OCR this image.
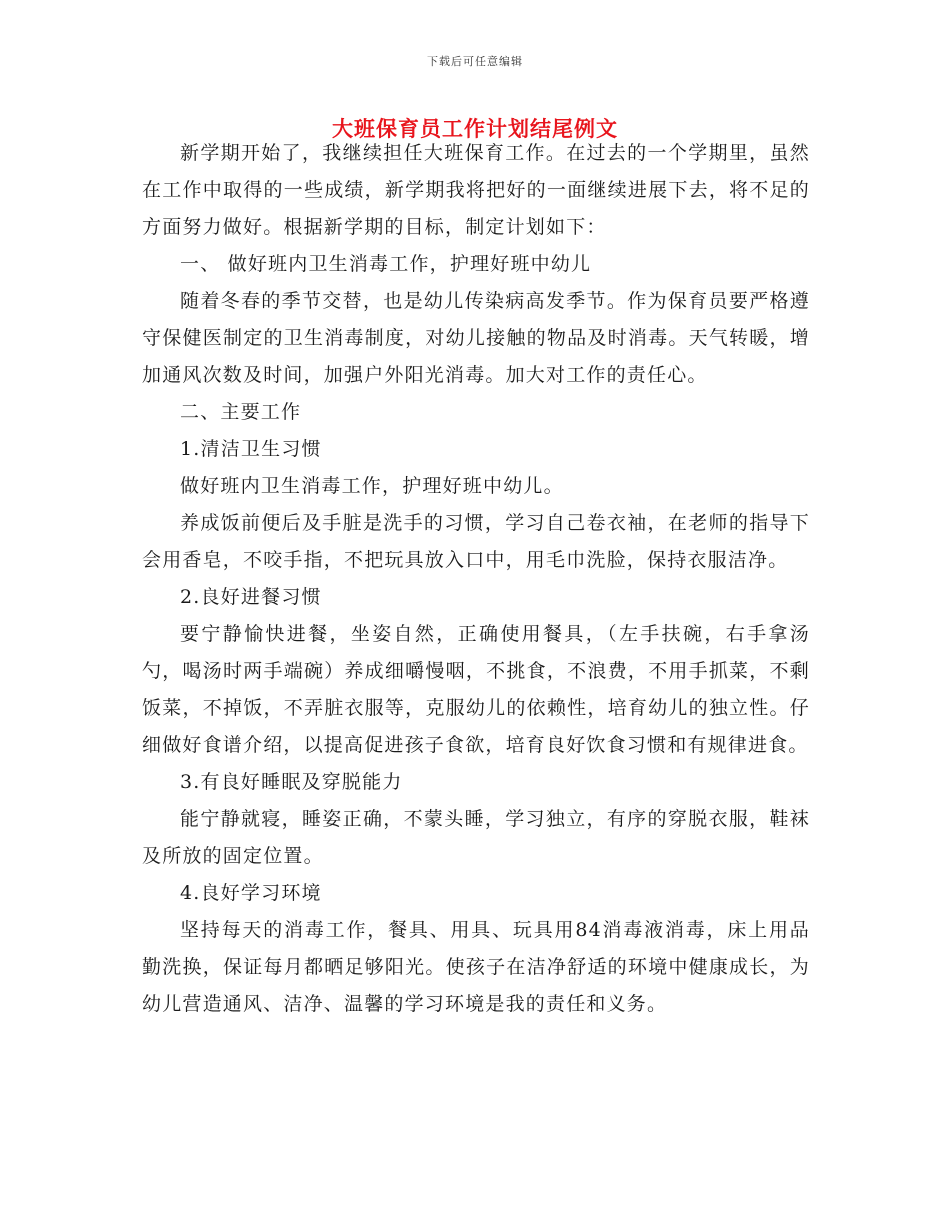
下载后可任意编辑
大班保育员工作计划结尾例文

新学期开始了，我继续担任大班保育工作。在过去的一个学期里，虽然在工作中取得的一些成绩，新学期我将把好的一面继续进展下去，将不足的方面努力做好。根据新学期的目标，制定计划如下：

一、 做好班内卫生消毒工作，护理好班中幼儿

随着冬春的季节交替，也是幼儿传染病高发季节。作为保育员要严格遵守保健医制定的卫生消毒制度，对幼儿接触的物品及时消毒。天气转暖，增加通风次数及时间，加强户外阳光消毒。加大对工作的责任心。

二、主要工作

1.清洁卫生习惯

做好班内卫生消毒工作，护理好班中幼儿。

养成饭前便后及手脏是洗手的习惯，学习自己卷衣袖，在老师的指导下会用香皂，不咬手指，不把玩具放入口中，用毛巾洗脸，保持衣服洁净。

2.良好进餐习惯

要宁静愉快进餐，坐姿自然，正确使用餐具，（左手扶碗，右手拿汤勺，喝汤时两手端碗）养成细嚼慢咽，不挑食，不浪费，不用手抓菜，不剩饭菜，不掉饭，不弄脏衣服等，克服幼儿的依赖性，培育幼儿的独立性。仔细做好食谱介绍，以提高促进孩子食欲，培育良好饮食习惯和有规律进食。

3.有良好睡眠及穿脱能力

能宁静就寝，睡姿正确，不蒙头睡，学习独立，有序的穿脱衣服，鞋袜及所放的固定位置。

4.良好学习环境

坚持每天的消毒工作，餐具、用具、玩具用84消毒液消毒，床上用品勤洗换，保证每月都晒足够阳光。使孩子在洁净舒适的环境中健康成长，为幼儿营造通风、洁净、温馨的学习环境是我的责任和义务。
